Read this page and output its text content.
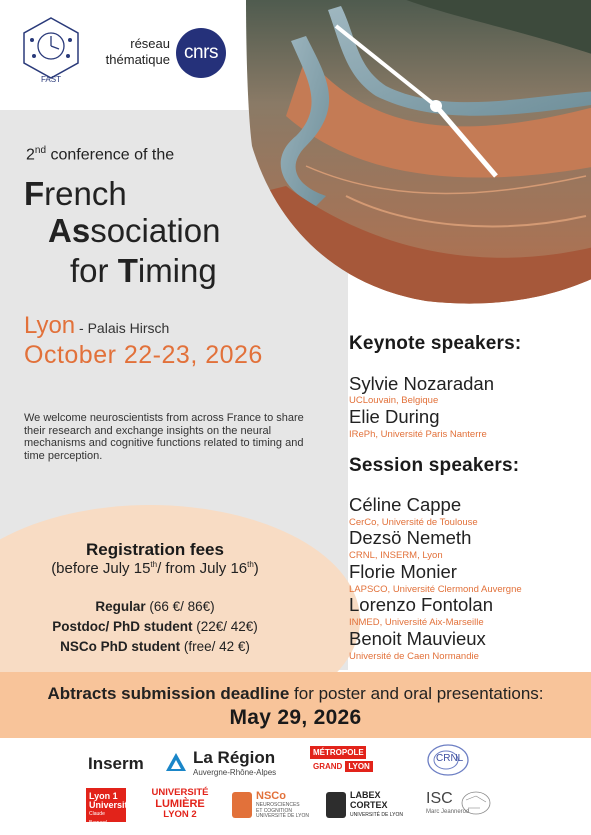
FAST
réseau
thématique cnrs
2nd conference of the
French
Association
for Timing
Lyon - Palais Hirsch
October 22-23, 2026
We welcome neuroscientists from across France to share their research and exchange insights on the neural mechanisms and cognitive functions related to timing and time perception.
Registration fees
(before July 15th/ from July 16th)
Regular (66 €/ 86€)
Postdoc/ PhD student (22€/ 42€)
NSCo PhD student (free/ 42 €)
Keynote speakers:
Sylvie Nozaradan
UCLouvain, Belgique
Elie During
IRePh, Université Paris Nanterre
Session speakers:
Céline Cappe
CerCo, Université de Toulouse
Dezsö Nemeth
CRNL, INSERM, Lyon
Florie Monier
LAPSCO, Université Clermond Auvergne
Lorenzo Fontolan
INMED, Université Aix-Marseille
Benoit Mauvieux
Université de Caen Normandie
Abtracts submission deadline for poster and oral presentations:
May 29, 2026
Inserm	La Région
Auvergne-Rhône-Alpes
MÉTROPOLE
GRAND LYON
CRNL
Lyon 1
Université
Claude Bernard
UNIVERSITÉ
LUMIÈRE
LYON 2
NSCo
NEUROSCIENCES
ET COGNITION
UNIVERSITÉ DE LYON
LABEX
CORTEX
UNIVERSITÉ DE LYON
ISC
Marc Jeannerod
